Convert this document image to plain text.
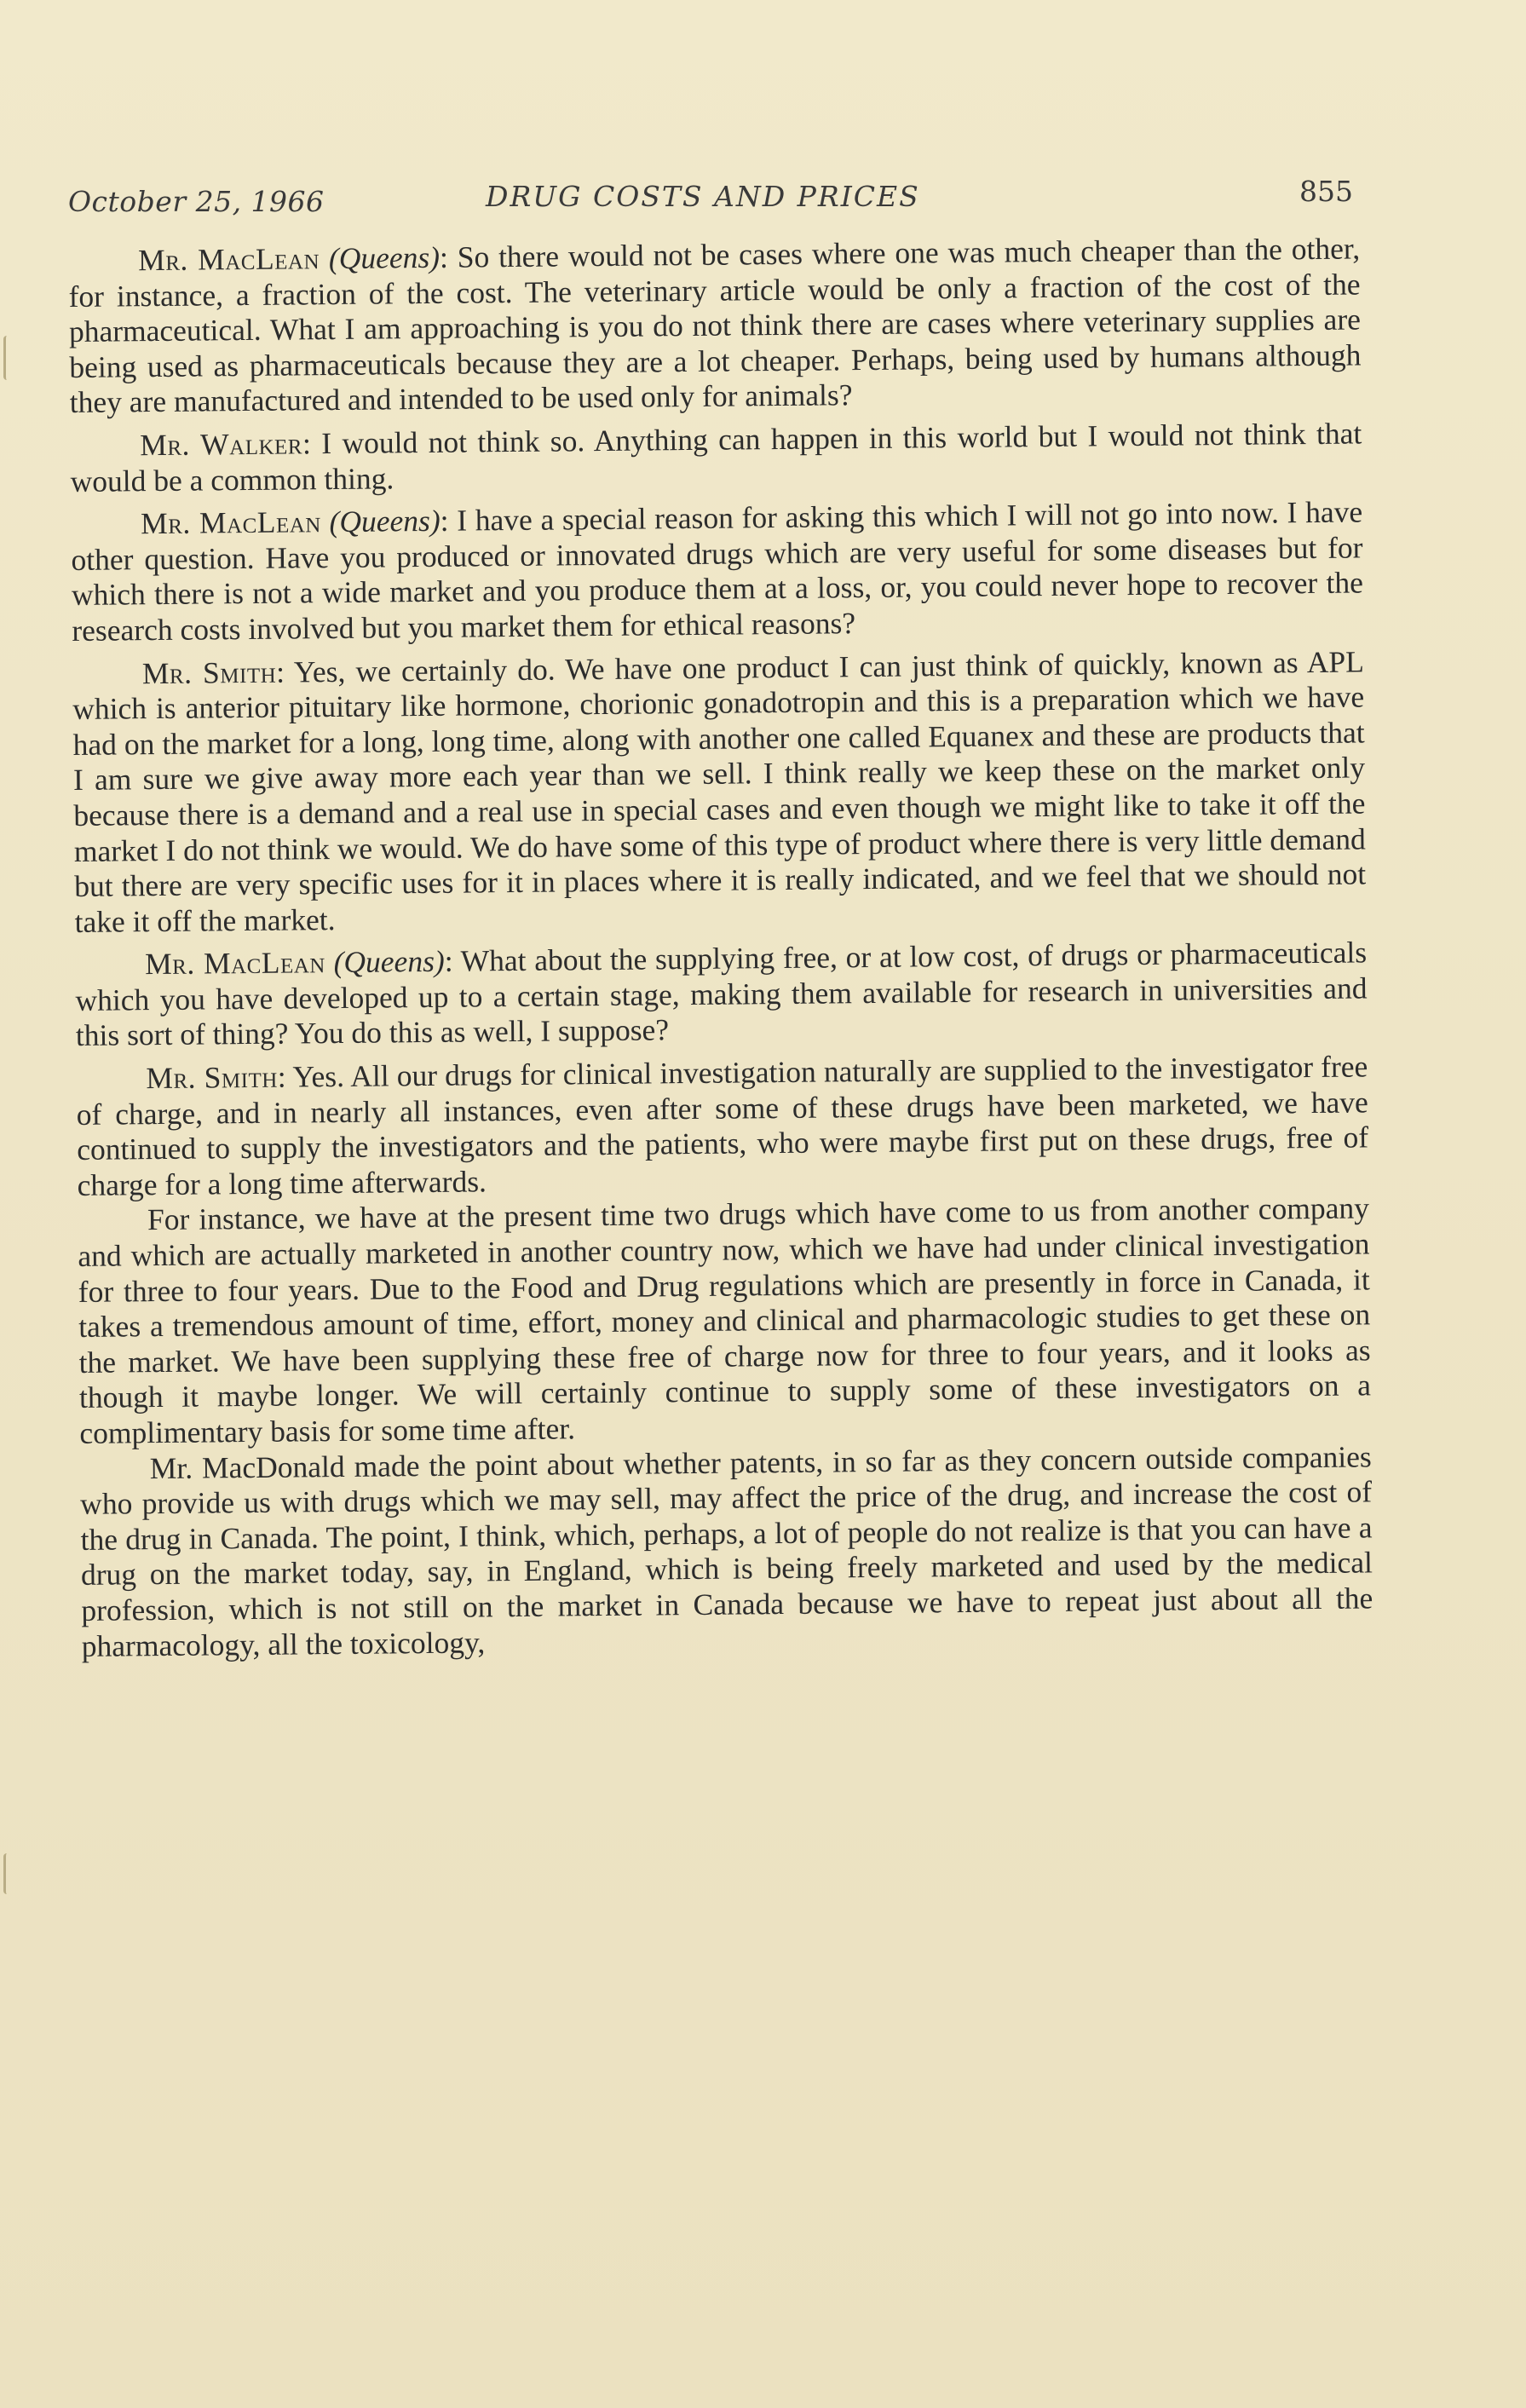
October 25, 1966	DRUG COSTS AND PRICES	855

Mr. MacLean (Queens): So there would not be cases where one was much cheaper than the other, for instance, a fraction of the cost. The veterinary article would be only a fraction of the cost of the pharmaceutical. What I am approaching is you do not think there are cases where veterinary supplies are being used as pharmaceuticals because they are a lot cheaper. Perhaps, being used by humans although they are manufactured and intended to be used only for animals?

Mr. Walker: I would not think so. Anything can happen in this world but I would not think that would be a common thing.

Mr. MacLean (Queens): I have a special reason for asking this which I will not go into now. I have other question. Have you produced or innovated drugs which are very useful for some diseases but for which there is not a wide market and you produce them at a loss, or, you could never hope to recover the research costs involved but you market them for ethical reasons?

Mr. Smith: Yes, we certainly do. We have one product I can just think of quickly, known as APL which is anterior pituitary like hormone, chorionic gonadotropin and this is a preparation which we have had on the market for a long, long time, along with another one called Equanex and these are products that I am sure we give away more each year than we sell. I think really we keep these on the market only because there is a demand and a real use in special cases and even though we might like to take it off the market I do not think we would. We do have some of this type of product where there is very little demand but there are very specific uses for it in places where it is really indicated, and we feel that we should not take it off the market.

Mr. MacLean (Queens): What about the supplying free, or at low cost, of drugs or pharmaceuticals which you have developed up to a certain stage, making them available for research in universities and this sort of thing? You do this as well, I suppose?

Mr. Smith: Yes. All our drugs for clinical investigation naturally are supplied to the investigator free of charge, and in nearly all instances, even after some of these drugs have been marketed, we have continued to supply the investigators and the patients, who were maybe first put on these drugs, free of charge for a long time afterwards.

For instance, we have at the present time two drugs which have come to us from another company and which are actually marketed in another country now, which we have had under clinical investigation for three to four years. Due to the Food and Drug regulations which are presently in force in Canada, it takes a tremendous amount of time, effort, money and clinical and pharmacologic studies to get these on the market. We have been supplying these free of charge now for three to four years, and it looks as though it maybe longer. We will certainly continue to supply some of these investigators on a complimentary basis for some time after.

Mr. MacDonald made the point about whether patents, in so far as they concern outside companies who provide us with drugs which we may sell, may affect the price of the drug, and increase the cost of the drug in Canada. The point, I think, which, perhaps, a lot of people do not realize is that you can have a drug on the market today, say, in England, which is being freely marketed and used by the medical profession, which is not still on the market in Canada because we have to repeat just about all the pharmacology, all the toxicology,
